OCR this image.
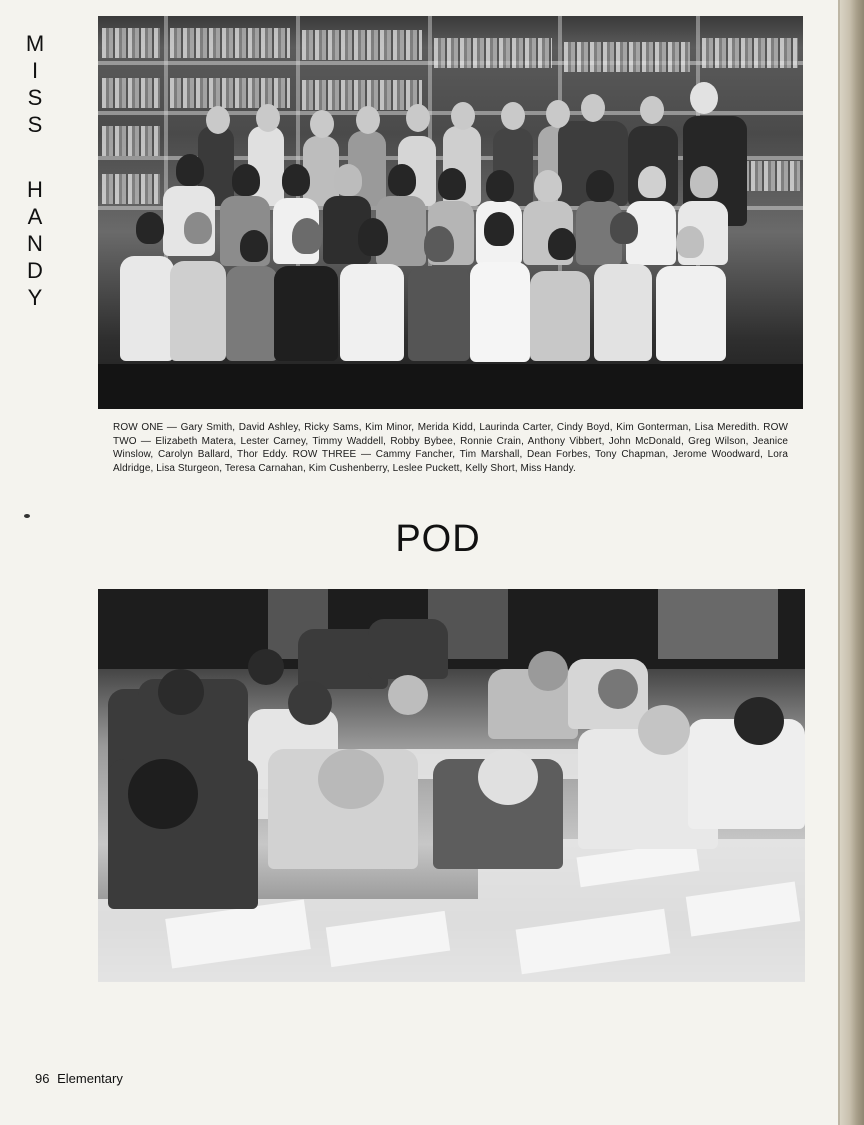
M
I
S
S
H
A
N
D
Y
ROW ONE — Gary Smith, David Ashley, Ricky Sams, Kim Minor, Merida Kidd, Laurinda Carter, Cindy Boyd, Kim Gonterman, Lisa Meredith. ROW TWO — Elizabeth Matera, Lester Carney, Timmy Waddell, Robby Bybee, Ronnie Crain, Anthony Vibbert, John McDonald, Greg Wilson, Jeanice Winslow, Carolyn Ballard, Thor Eddy. ROW THREE — Cammy Fancher, Tim Marshall, Dean Forbes, Tony Chapman, Jerome Woodward, Lora Aldridge, Lisa Sturgeon, Teresa Carnahan, Kim Cushenberry, Leslee Puckett, Kelly Short, Miss Handy.
POD
96 Elementary
